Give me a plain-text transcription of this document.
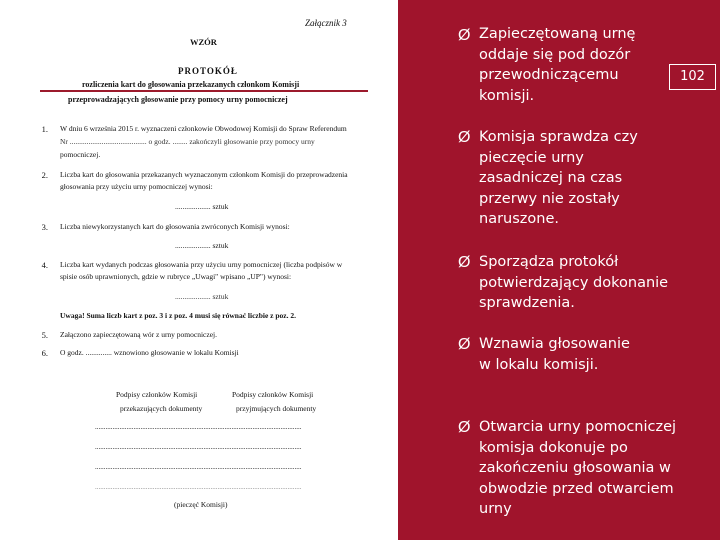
Załącznik 3
WZÓR
PROTOKÓŁ
rozliczenia kart do głosowania przekazanych członkom Komisji
przeprowadzających głosowanie przy pomocy urny pomocniczej
1. W dniu 6 września 2015 r. wyznaczeni członkowie Obwodowej Komisji do Spraw Referendum
Nr ......................................... o godz. ........ zakończyli głosowanie przy pomocy urny
pomocniczej.
2. Liczba kart do głosowania przekazanych wyznaczonym członkom Komisji do przeprowadzenia
głosowania przy użyciu urny pomocniczej wynosi:
................... sztuk
3. Liczba niewykorzystanych kart do głosowania zwróconych Komisji wynosi:
................... sztuk
4. Liczba kart wydanych podczas głosowania przy użyciu urny pomocniczej (liczba podpisów w
spisie osób uprawnionych, gdzie w rubryce „Uwagi" wpisano „UP") wynosi:
................... sztuk
Uwaga! Suma liczb kart z poz. 3 i z poz. 4 musi się równać liczbie z poz. 2.
5. Załączono zapieczętowaną wór z urny pomocniczej.
6. O godz. .............. wznowiono głosowanie w lokalu Komisji
Podpisy członków Komisji
przekazujących dokumenty
Podpisy członków Komisji
przyjmujących dokumenty
......................................................................................................................
......................................................................................................................
......................................................................................................................
......................................................................................................................
(pieczęć Komisji)
102
Ø Zapieczętowaną urnę oddaje się pod dozór przewodniczącemu komisji.
Ø Komisja sprawdza czy pieczęcie urny zasadniczej na czas przerwy nie zostały naruszone.
Ø Sporządza protokół potwierdzający dokonanie sprawdzenia.
Ø Wznawia głosowanie w lokalu komisji.
Ø Otwarcia urny pomocniczej komisja dokonuje po zakończeniu głosowania w obwodzie przed otwarciem urny
